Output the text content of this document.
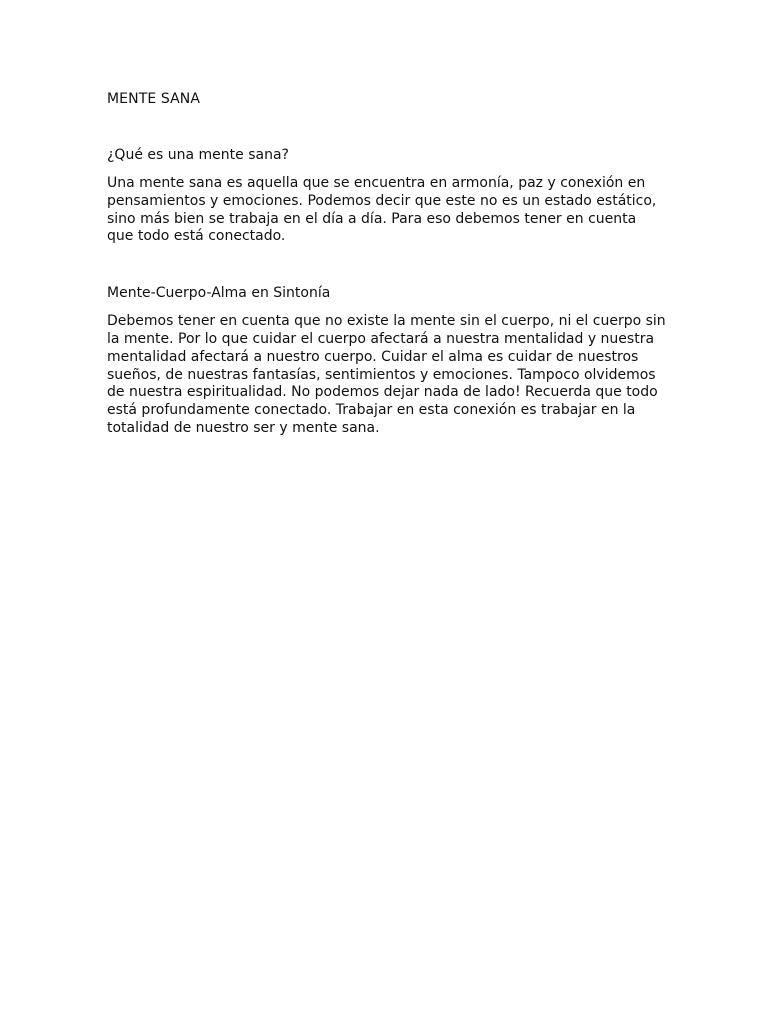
MENTE SANA
¿Qué es una mente sana?

Una mente sana es aquella que se encuentra en armonía, paz y conexión en pensamientos y emociones. Podemos decir que este no es un estado estático, sino más bien se trabaja en el día a día. Para eso debemos tener en cuenta que todo está conectado.

Mente-Cuerpo-Alma en Sintonía

Debemos tener en cuenta que no existe la mente sin el cuerpo, ni el cuerpo sin la mente. Por lo que cuidar el cuerpo afectará a nuestra mentalidad y nuestra mentalidad afectará a nuestro cuerpo. Cuidar el alma es cuidar de nuestros sueños, de nuestras fantasías, sentimientos y emociones. Tampoco olvidemos de nuestra espiritualidad. No podemos dejar nada de lado! Recuerda que todo está profundamente conectado. Trabajar en esta conexión es trabajar en la totalidad de nuestro ser y mente sana.
